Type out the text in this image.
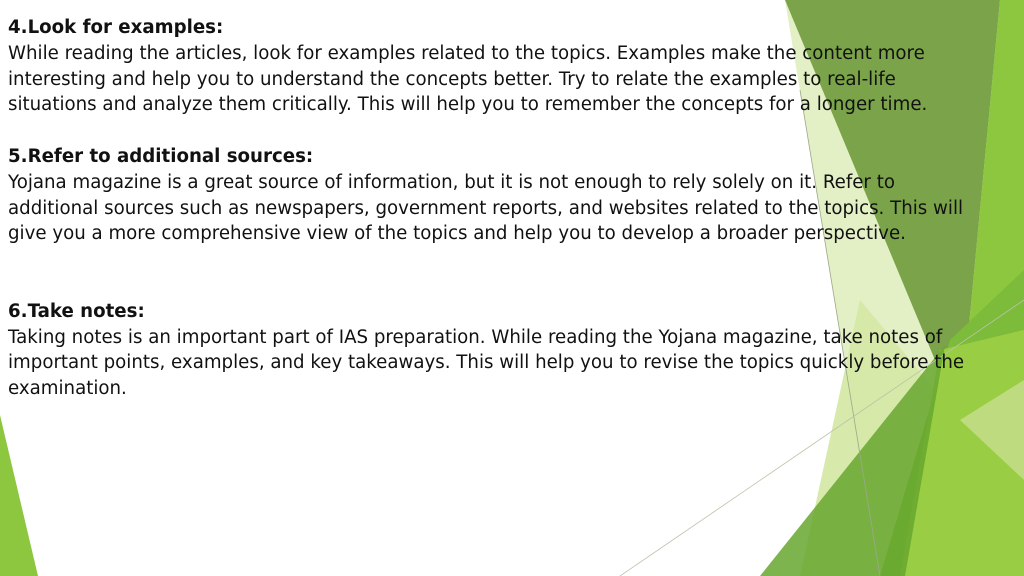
4.Look for examples:
While reading the articles, look for examples related to the topics. Examples make the content more interesting and help you to understand the concepts better. Try to relate the examples to real-life situations and analyze them critically. This will help you to remember the concepts for a longer time.
5.Refer to additional sources:
Yojana magazine is a great source of information, but it is not enough to rely solely on it. Refer to additional sources such as newspapers, government reports, and websites related to the topics. This will give you a more comprehensive view of the topics and help you to develop a broader perspective.
6.Take notes:
Taking notes is an important part of IAS preparation. While reading the Yojana magazine, take notes of important points, examples, and key takeaways. This will help you to revise the topics quickly before the examination.
